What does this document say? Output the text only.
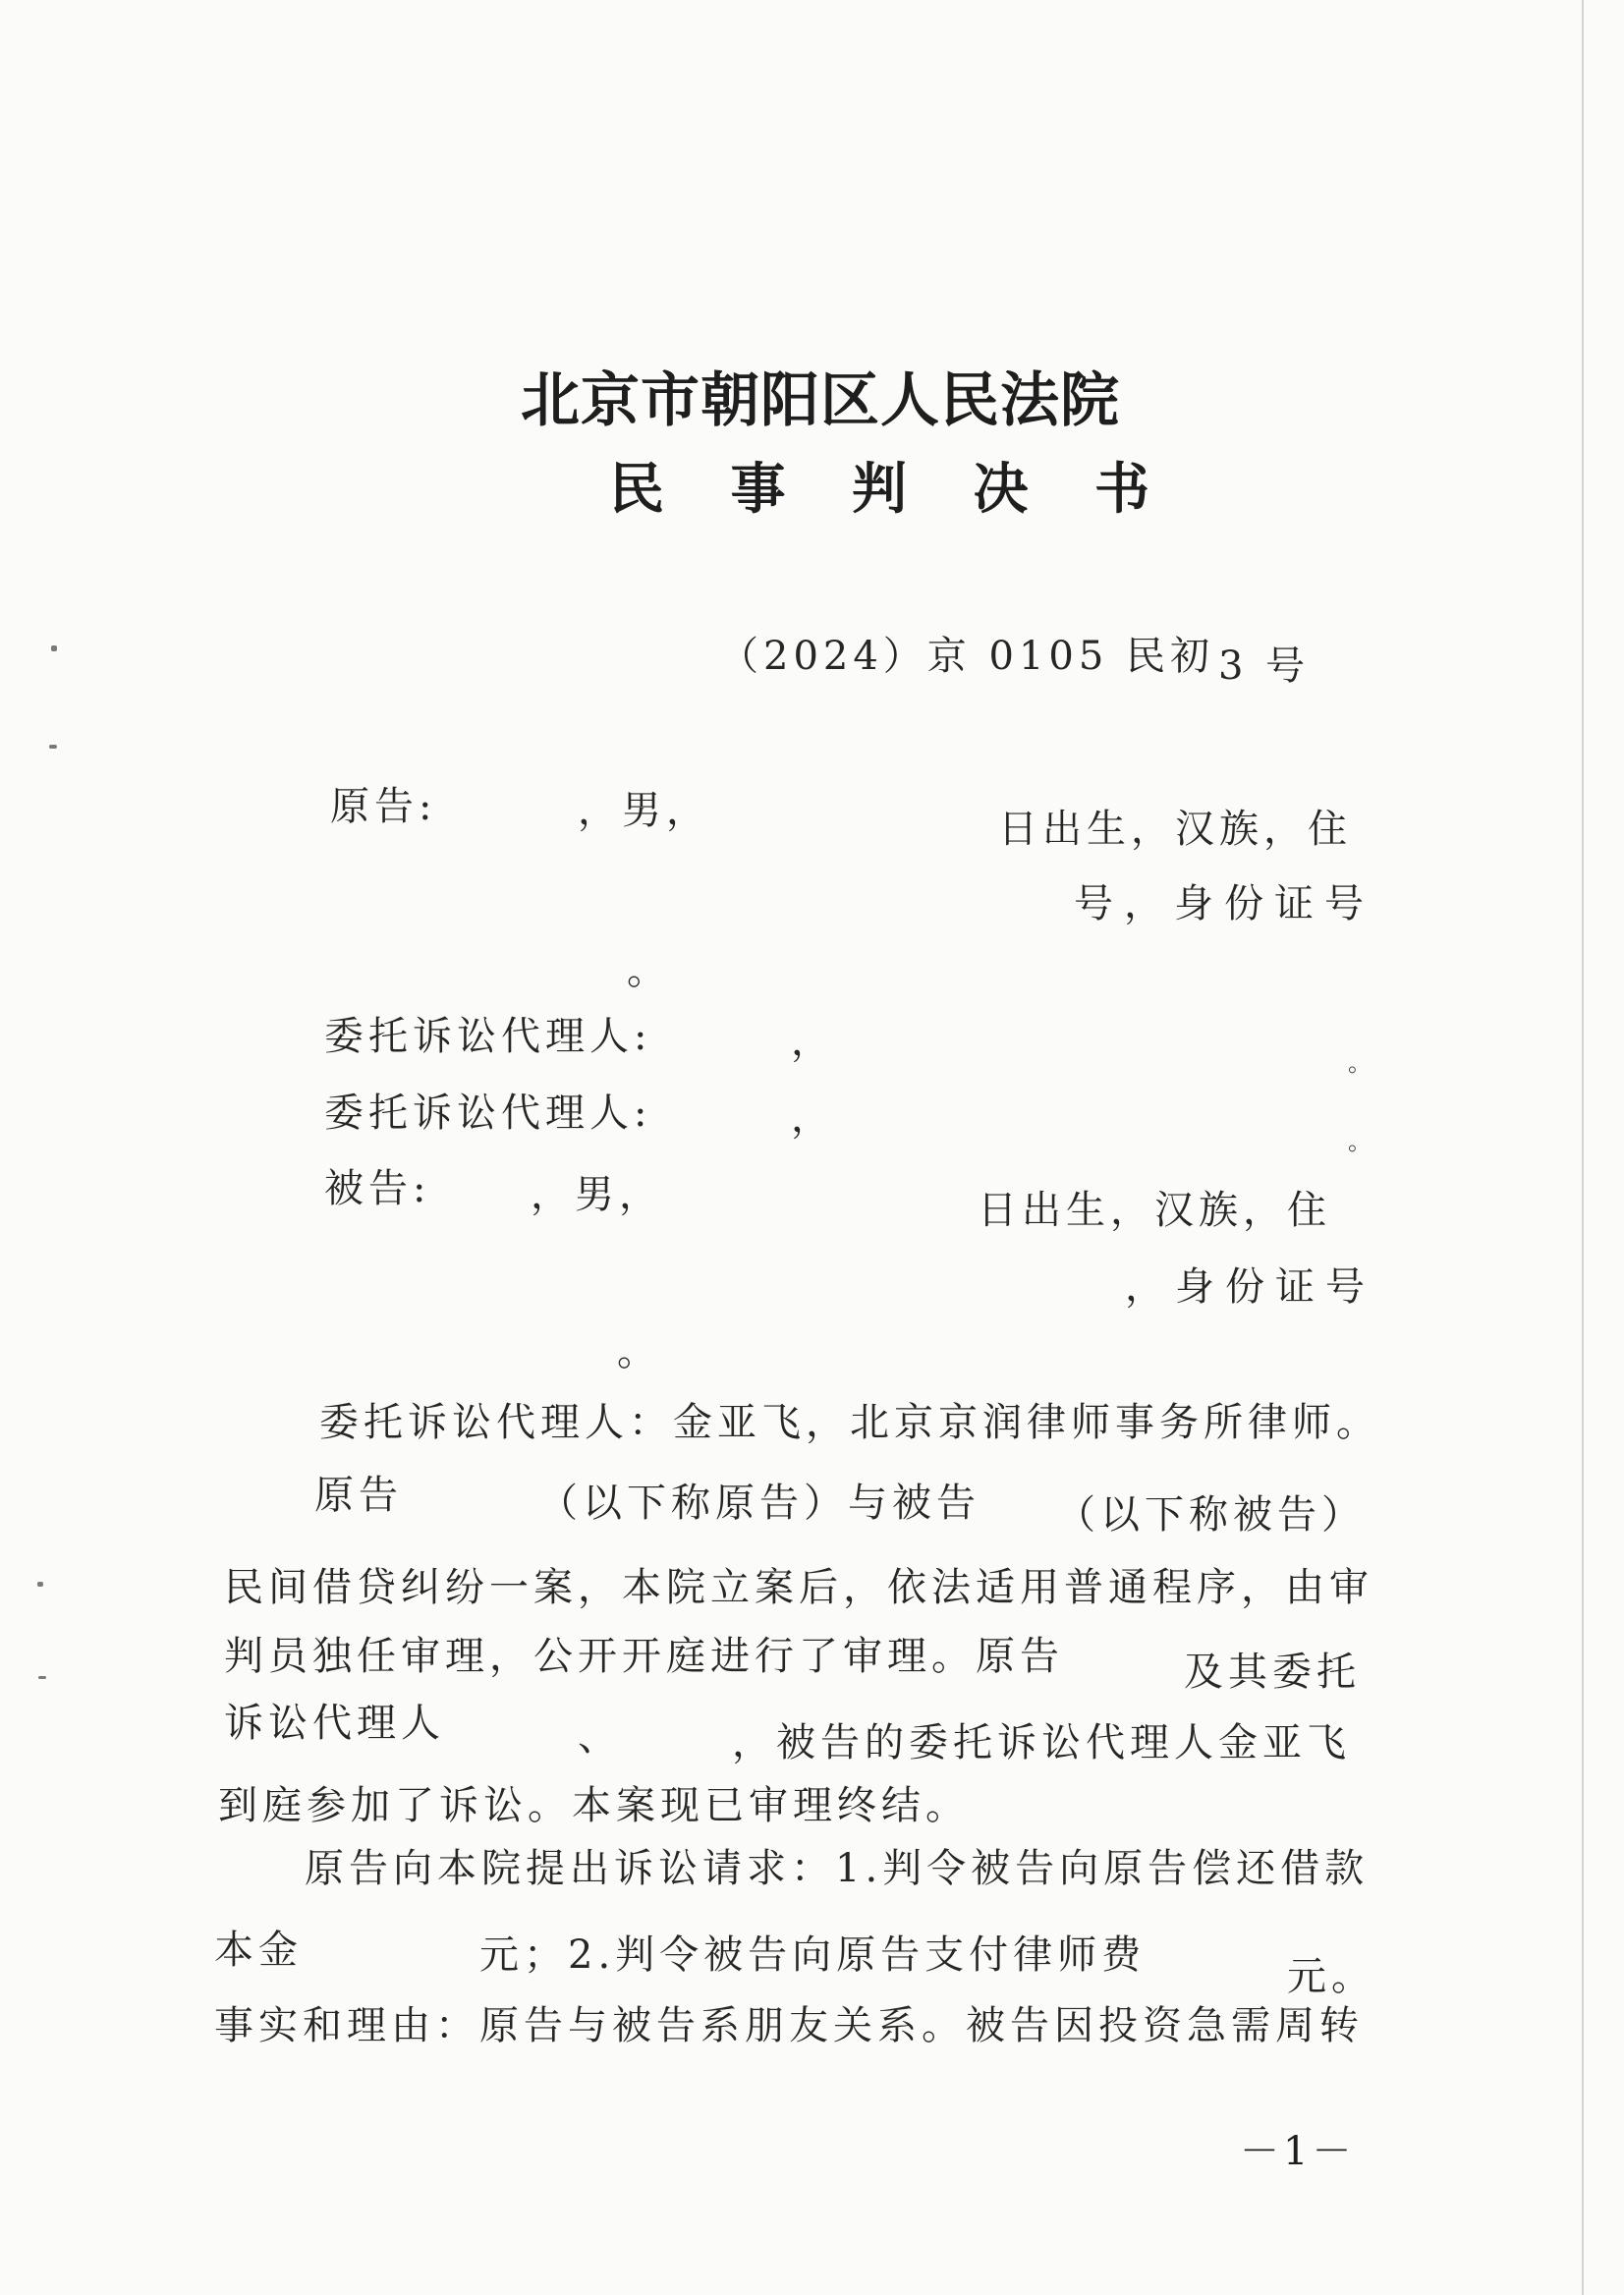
北京市朝阳区人民法院
民 事 判 决 书
（2024）京 0105 民初 3 号
原告:	，男，	日出生，汉族，住
号，身份证号
。
委托诉讼代理人:	，	。
委托诉讼代理人:	，
。
被告:	，男，	日出生，汉族，住
，身份证号
。
委托诉讼代理人：金亚飞，北京京润律师事务所律师。
原告	（以下称原告）与被告 （以下称被告）
民间借贷纠纷一案，本院立案后，依法适用普通程序，由审
判员独任审理，公开开庭进行了审理。原告	及其委托
诉讼代理人	、	，被告的委托诉讼代理人金亚飞
到庭参加了诉讼。本案现已审理终结。
原告向本院提出诉讼请求：1.判令被告向原告偿还借款
本金	元；2.判令被告向原告支付律师费	元。
事实和理由：原告与被告系朋友关系。被告因投资急需周转
－1－
